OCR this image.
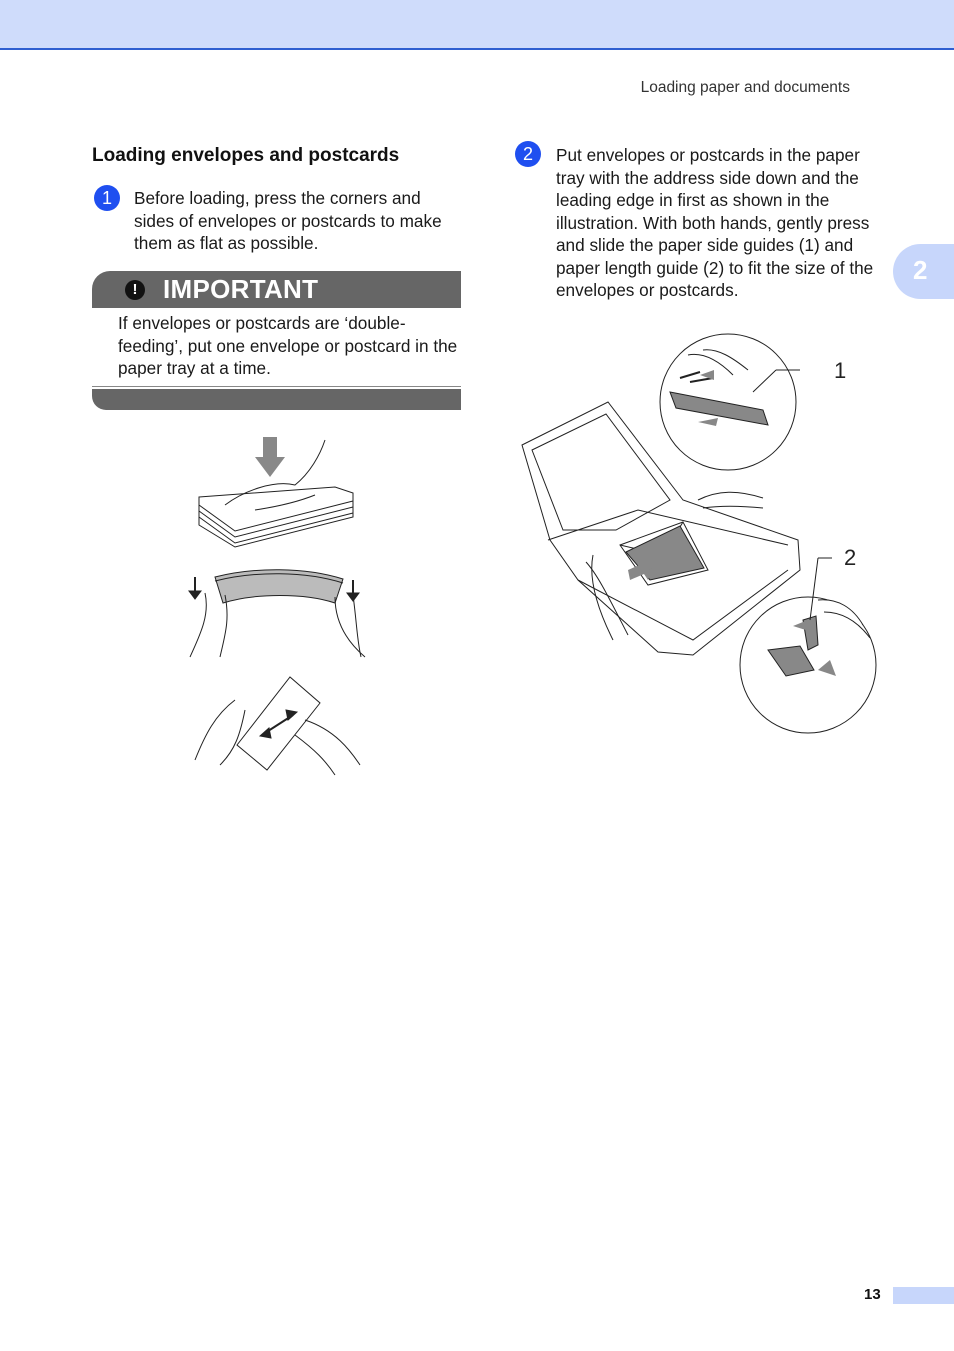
Loading paper and documents
2
Loading envelopes and postcards
1	Before loading, press the corners and sides of envelopes or postcards to make them as flat as possible.
! IMPORTANT
If envelopes or postcards are ‘double-feeding’, put one envelope or postcard in the paper tray at a time.
2	Put envelopes or postcards in the paper tray with the address side down and the leading edge in first as shown in the illustration. With both hands, gently press and slide the paper side guides (1) and paper length guide (2) to fit the size of the envelopes or postcards.
1
2
13
